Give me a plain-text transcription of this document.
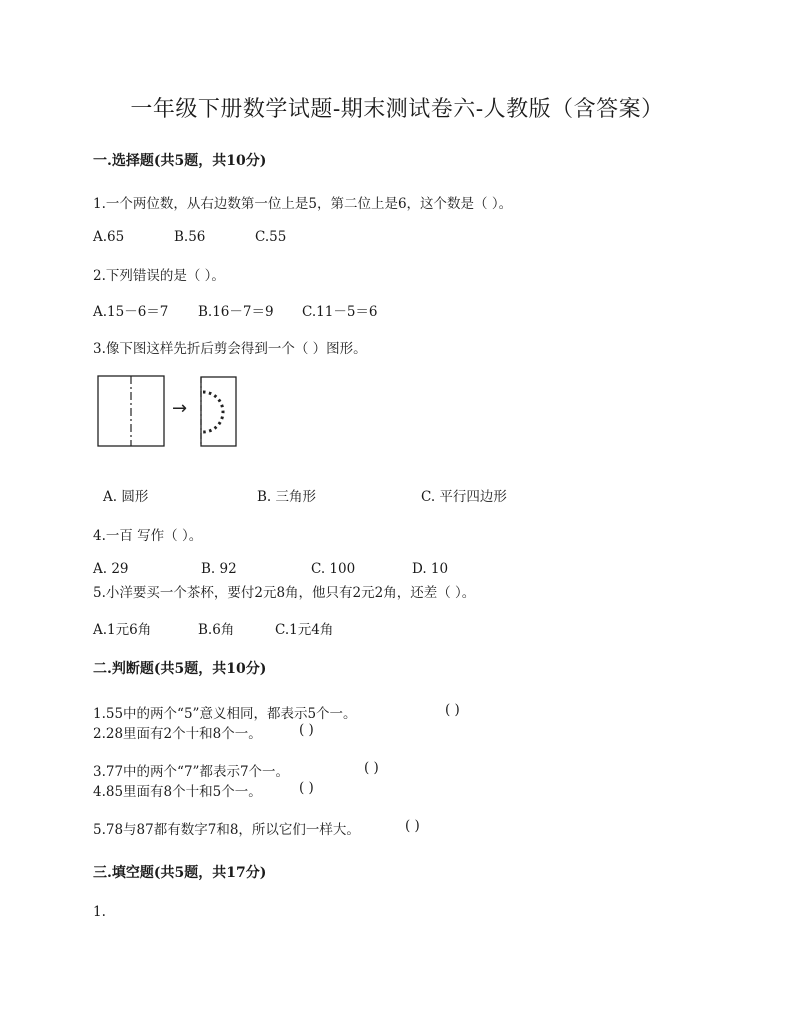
一年级下册数学试题-期末测试卷六-人教版（含答案）
一.选择题(共5题，共10分)
1.一个两位数，从右边数第一位上是5，第二位上是6，这个数是（ ）。
A.65	B.56	C.55
2.下列错误的是（ ）。
A.15－6＝7 B.16－7＝9 C.11－5＝6
3.像下图这样先折后剪会得到一个（ ）图形。
→
A. 圆形	B. 三角形	C. 平行四边形
4.一百 写作（ ）。
A. 29	B. 92	C. 100	D. 10
5.小洋要买一个茶杯，要付2元8角，他只有2元2角，还差（ ）。
A.1元6角	B.6角	C.1元4角
二.判断题(共5题，共10分)
1.55中的两个“5”意义相同，都表示5个一。	( )
2.28里面有2个十和8个一。	( )
3.77中的两个“7”都表示7个一。	( )
4.85里面有8个十和5个一。	( )
5.78与87都有数字7和8，所以它们一样大。	( )
三.填空题(共5题，共17分)
1.
